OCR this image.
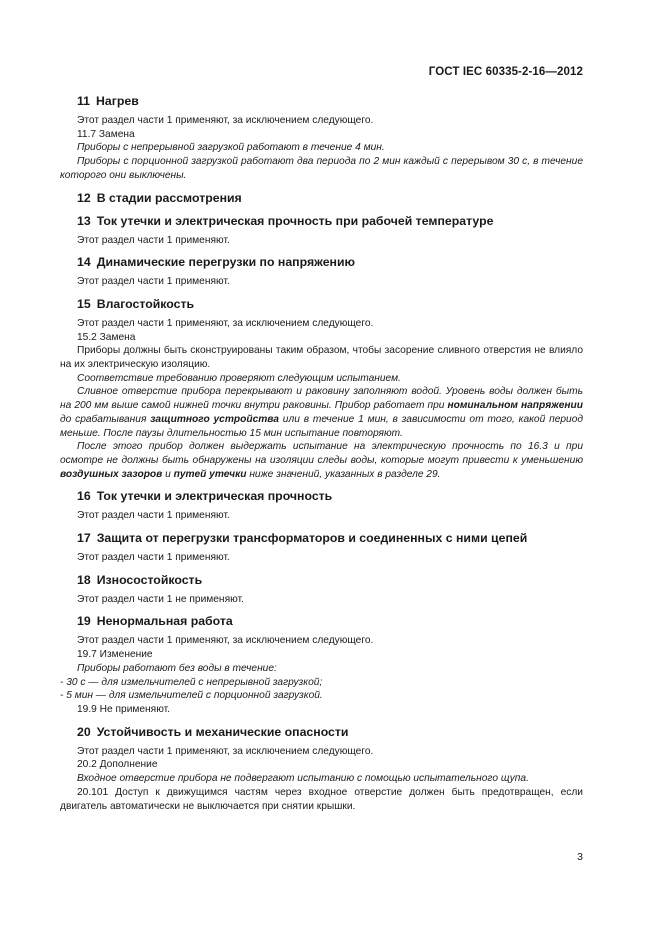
ГОСТ IEC 60335-2-16—2012
11 Нагрев

Этот раздел части 1 применяют, за исключением следующего.

11.7 Замена

Приборы с непрерывной загрузкой работают в течение 4 мин.

Приборы с порционной загрузкой работают два периода по 2 мин каждый с перерывом 30 с, в течение которого они выключены.

12 В стадии рассмотрения
13 Ток утечки и электрическая прочность при рабочей температуре

Этот раздел части 1 применяют.

14 Динамические перегрузки по напряжению

Этот раздел части 1 применяют.

15 Влагостойкость

Этот раздел части 1 применяют, за исключением следующего.

15.2 Замена

Приборы должны быть сконструированы таким образом, чтобы засорение сливного отверстия не влияло на их электрическую изоляцию.

Соответствие требованию проверяют следующим испытанием.

Сливное отверстие прибора перекрывают и раковину заполняют водой. Уровень воды должен быть на 200 мм выше самой нижней точки внутри раковины. Прибор работает при номинальном напряжении до срабатывания защитного устройства или в течение 1 мин, в зависимости от того, какой период меньше. После паузы длительностью 15 мин испытание повторяют.

После этого прибор должен выдержать испытание на электрическую прочность по 16.3 и при осмотре не должны быть обнаружены на изоляции следы воды, которые могут привести к уменьшению воздушных зазоров и путей утечки ниже значений, указанных в разделе 29.

16 Ток утечки и электрическая прочность

Этот раздел части 1 применяют.

17 Защита от перегрузки трансформаторов и соединенных с ними цепей

Этот раздел части 1 применяют.

18 Износостойкость

Этот раздел части 1 не применяют.

19 Ненормальная работа

Этот раздел части 1 применяют, за исключением следующего.

19.7 Изменение

Приборы работают без воды в течение:

- 30 с — для измельчителей с непрерывной загрузкой;

- 5 мин — для измельчителей с порционной загрузкой.

19.9 Не применяют.

20 Устойчивость и механические опасности

Этот раздел части 1 применяют, за исключением следующего.

20.2 Дополнение

Входное отверстие прибора не подвергают испытанию с помощью испытательного щупа.

20.101 Доступ к движущимся частям через входное отверстие должен быть предотвращен, если двигатель автоматически не выключается при снятии крышки.

3
